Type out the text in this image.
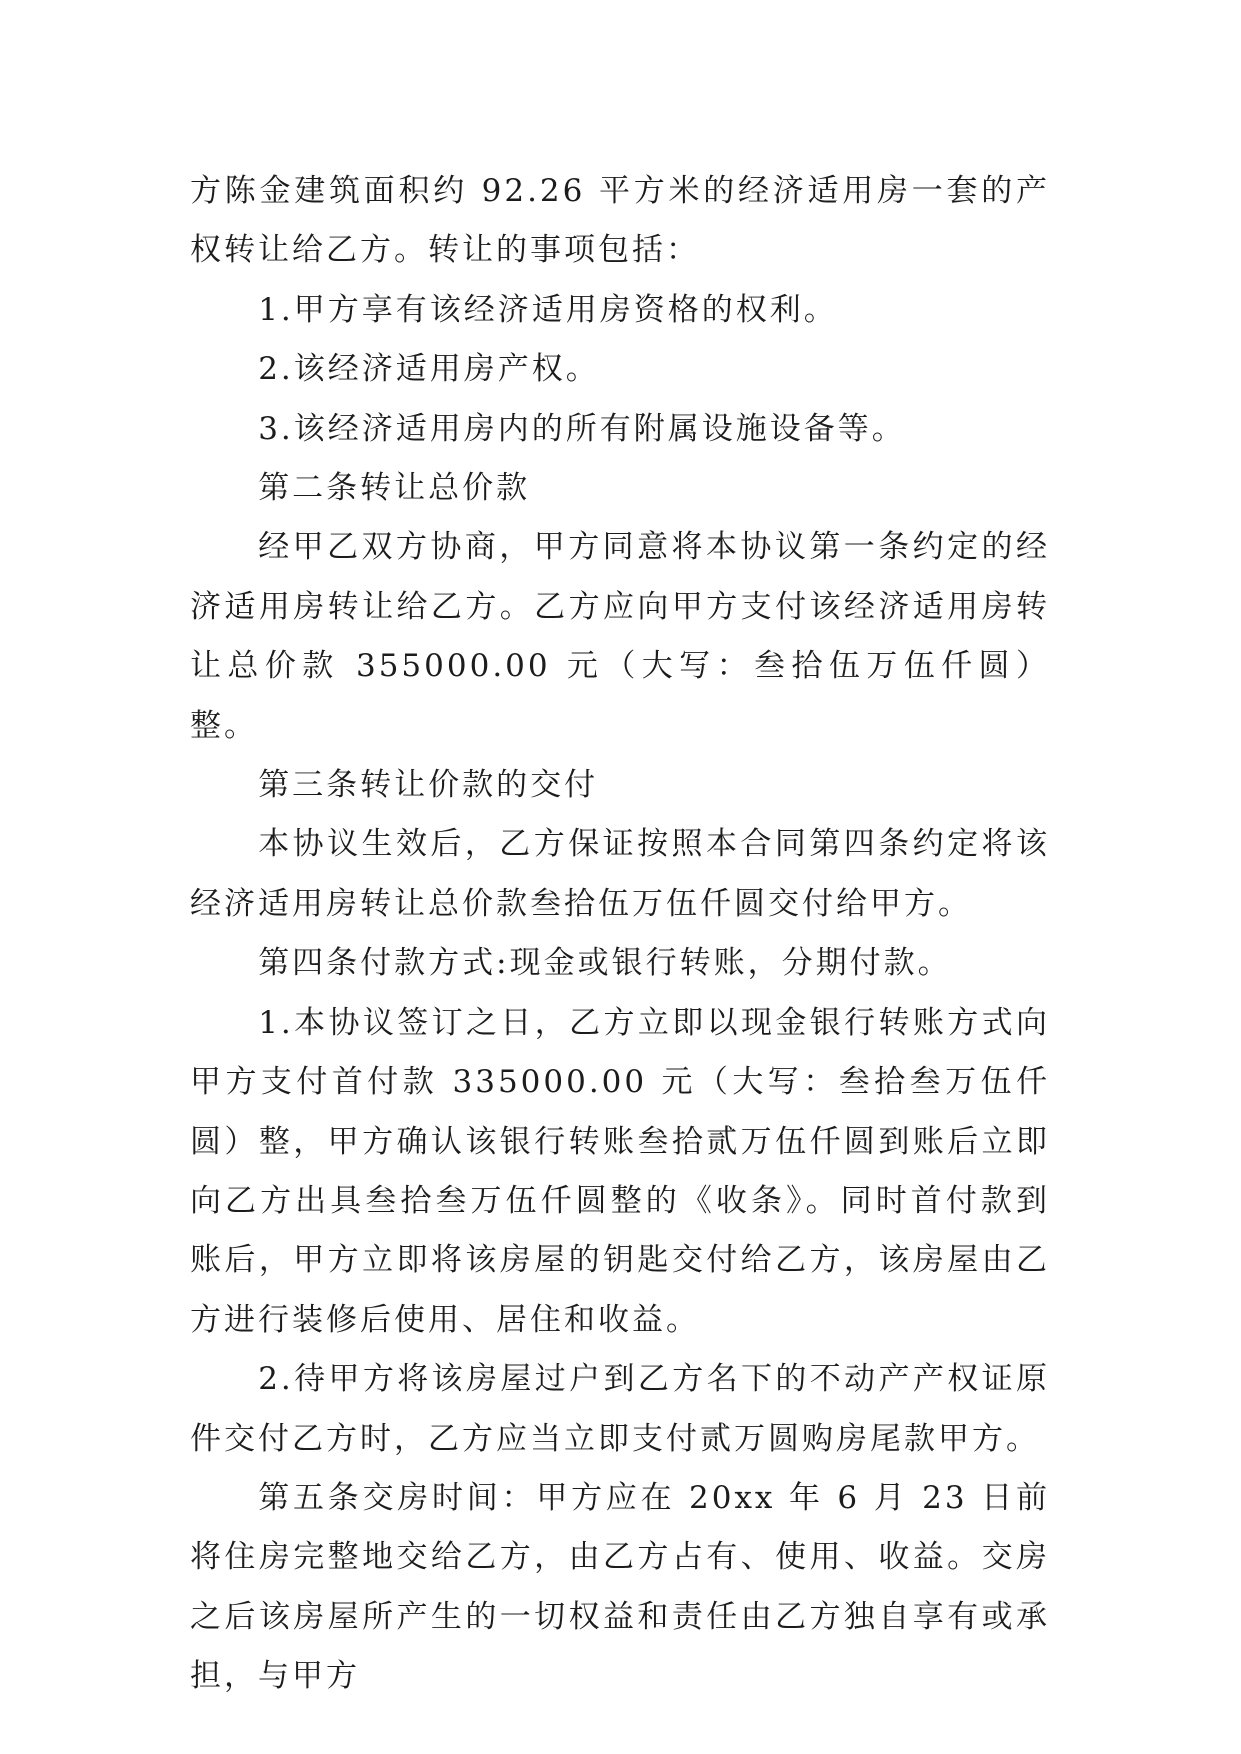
方陈金建筑面积约 92.26 平方米的经济适用房一套的产权转让给乙方。转让的事项包括：

1.甲方享有该经济适用房资格的权利。

2.该经济适用房产权。

3.该经济适用房内的所有附属设施设备等。

第二条转让总价款

经甲乙双方协商，甲方同意将本协议第一条约定的经济适用房转让给乙方。乙方应向甲方支付该经济适用房转让总价款 355000.00 元（大写：叁拾伍万伍仟圆）整。

第三条转让价款的交付

本协议生效后，乙方保证按照本合同第四条约定将该经济适用房转让总价款叁拾伍万伍仟圆交付给甲方。

第四条付款方式:现金或银行转账，分期付款。

1.本协议签订之日，乙方立即以现金银行转账方式向甲方支付首付款 335000.00 元（大写：叁拾叁万伍仟圆）整，甲方确认该银行转账叁拾贰万伍仟圆到账后立即向乙方出具叁拾叁万伍仟圆整的《收条》。同时首付款到账后，甲方立即将该房屋的钥匙交付给乙方，该房屋由乙方进行装修后使用、居住和收益。

2.待甲方将该房屋过户到乙方名下的不动产产权证原件交付乙方时，乙方应当立即支付贰万圆购房尾款甲方。

第五条交房时间：甲方应在 20xx 年 6 月 23 日前将住房完整地交给乙方，由乙方占有、使用、收益。交房之后该房屋所产生的一切权益和责任由乙方独自享有或承担，与甲方
